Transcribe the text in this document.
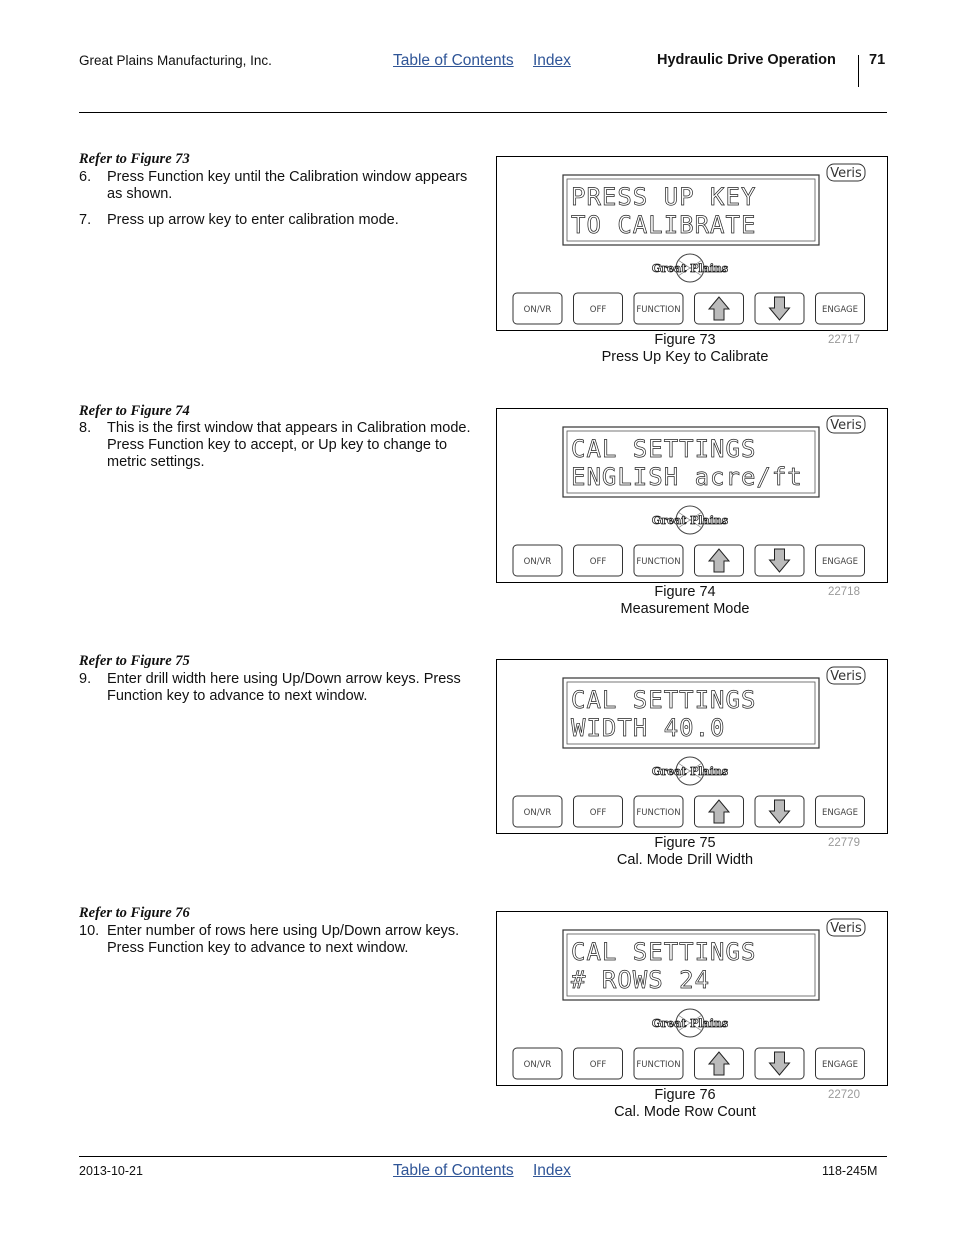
Great Plains Manufacturing, Inc.	Table of Contents Index	Hydraulic Drive Operation 71
Refer to Figure 73
6.	Press Function key until the Calibration window appears as shown.
7.	Press up arrow key to enter calibration mode.
Veris
PRESS UP KEY
TO CALIBRATE
Great Plains
ON/VR	OFF	FUNCTION	ENGAGE
Figure 73
Press Up Key to Calibrate
22717
Refer to Figure 74
8.	This is the first window that appears in Calibration mode. Press Function key to accept, or Up key to change to metric settings.
Veris
CAL SETTINGS
ENGLISH acre/ft
Great Plains
ON/VR	OFF	FUNCTION	ENGAGE
Figure 74
Measurement Mode
22718
Refer to Figure 75
9.	Enter drill width here using Up/Down arrow keys. Press Function key to advance to next window.
Veris
CAL SETTINGS
WIDTH 40.0
Great Plains
ON/VR	OFF	FUNCTION	ENGAGE
Figure 75
Cal. Mode Drill Width
22779
Refer to Figure 76
10. Enter number of rows here using Up/Down arrow keys. Press Function key to advance to next window.
Veris
CAL SETTINGS
# ROWS 24
Great Plains
ON/VR	OFF	FUNCTION	ENGAGE
Figure 76
Cal. Mode Row Count
22720
2013-10-21	Table of Contents Index	118-245M
